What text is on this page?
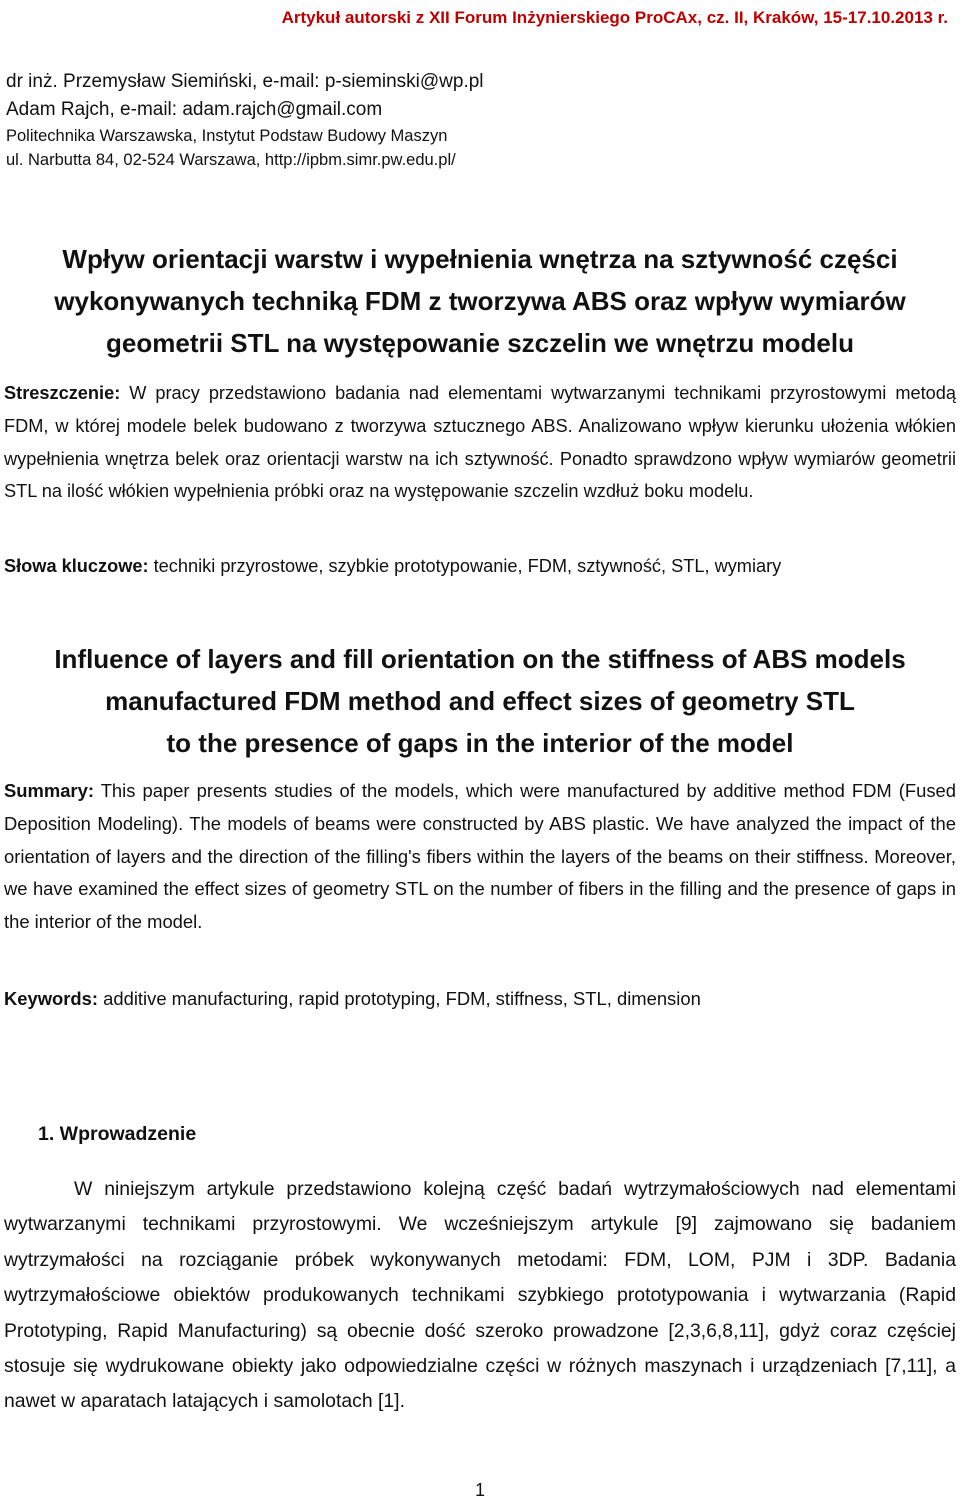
Artykuł autorski z XII Forum Inżynierskiego ProCAx, cz. II, Kraków, 15-17.10.2013 r.
dr inż. Przemysław Siemiński, e-mail: p-sieminski@wp.pl
Adam Rajch, e-mail: adam.rajch@gmail.com
Politechnika Warszawska, Instytut Podstaw Budowy Maszyn
ul. Narbutta 84, 02-524 Warszawa, http://ipbm.simr.pw.edu.pl/
Wpływ orientacji warstw i wypełnienia wnętrza na sztywność części
wykonywanych techniką FDM z tworzywa ABS oraz wpływ wymiarów
geometrii STL na występowanie szczelin we wnętrzu modelu
Streszczenie: W pracy przedstawiono badania nad elementami wytwarzanymi technikami przyrostowymi metodą FDM, w której modele belek budowano z tworzywa sztucznego ABS. Analizowano wpływ kierunku ułożenia włókien wypełnienia wnętrza belek oraz orientacji warstw na ich sztywność. Ponadto sprawdzono wpływ wymiarów geometrii STL na ilość włókien wypełnienia próbki oraz na występowanie szczelin wzdłuż boku modelu.
Słowa kluczowe: techniki przyrostowe, szybkie prototypowanie, FDM, sztywność, STL, wymiary
Influence of layers and fill orientation on the stiffness of ABS models
manufactured FDM method and effect sizes of geometry STL
to the presence of gaps in the interior of the model
Summary: This paper presents studies of the models, which were manufactured by additive method FDM (Fused Deposition Modeling). The models of beams were constructed by ABS plastic. We have analyzed the impact of the orientation of layers and the direction of the filling's fibers within the layers of the beams on their stiffness. Moreover, we have examined the effect sizes of geometry STL on the number of fibers in the filling and the presence of gaps in the interior of the model.
Keywords: additive manufacturing, rapid prototyping, FDM, stiffness, STL, dimension
1. Wprowadzenie
W niniejszym artykule przedstawiono kolejną część badań wytrzymałościowych nad elementami wytwarzanymi technikami przyrostowymi. We wcześniejszym artykule [9] zajmowano się badaniem wytrzymałości na rozciąganie próbek wykonywanych metodami: FDM, LOM, PJM i 3DP. Badania wytrzymałościowe obiektów produkowanych technikami szybkiego prototypowania i wytwarzania (Rapid Prototyping, Rapid Manufacturing) są obecnie dość szeroko prowadzone [2,3,6,8,11], gdyż coraz częściej stosuje się wydrukowane obiekty jako odpowiedzialne części w różnych maszynach i urządzeniach [7,11], a nawet w aparatach latających i samolotach [1].
1
